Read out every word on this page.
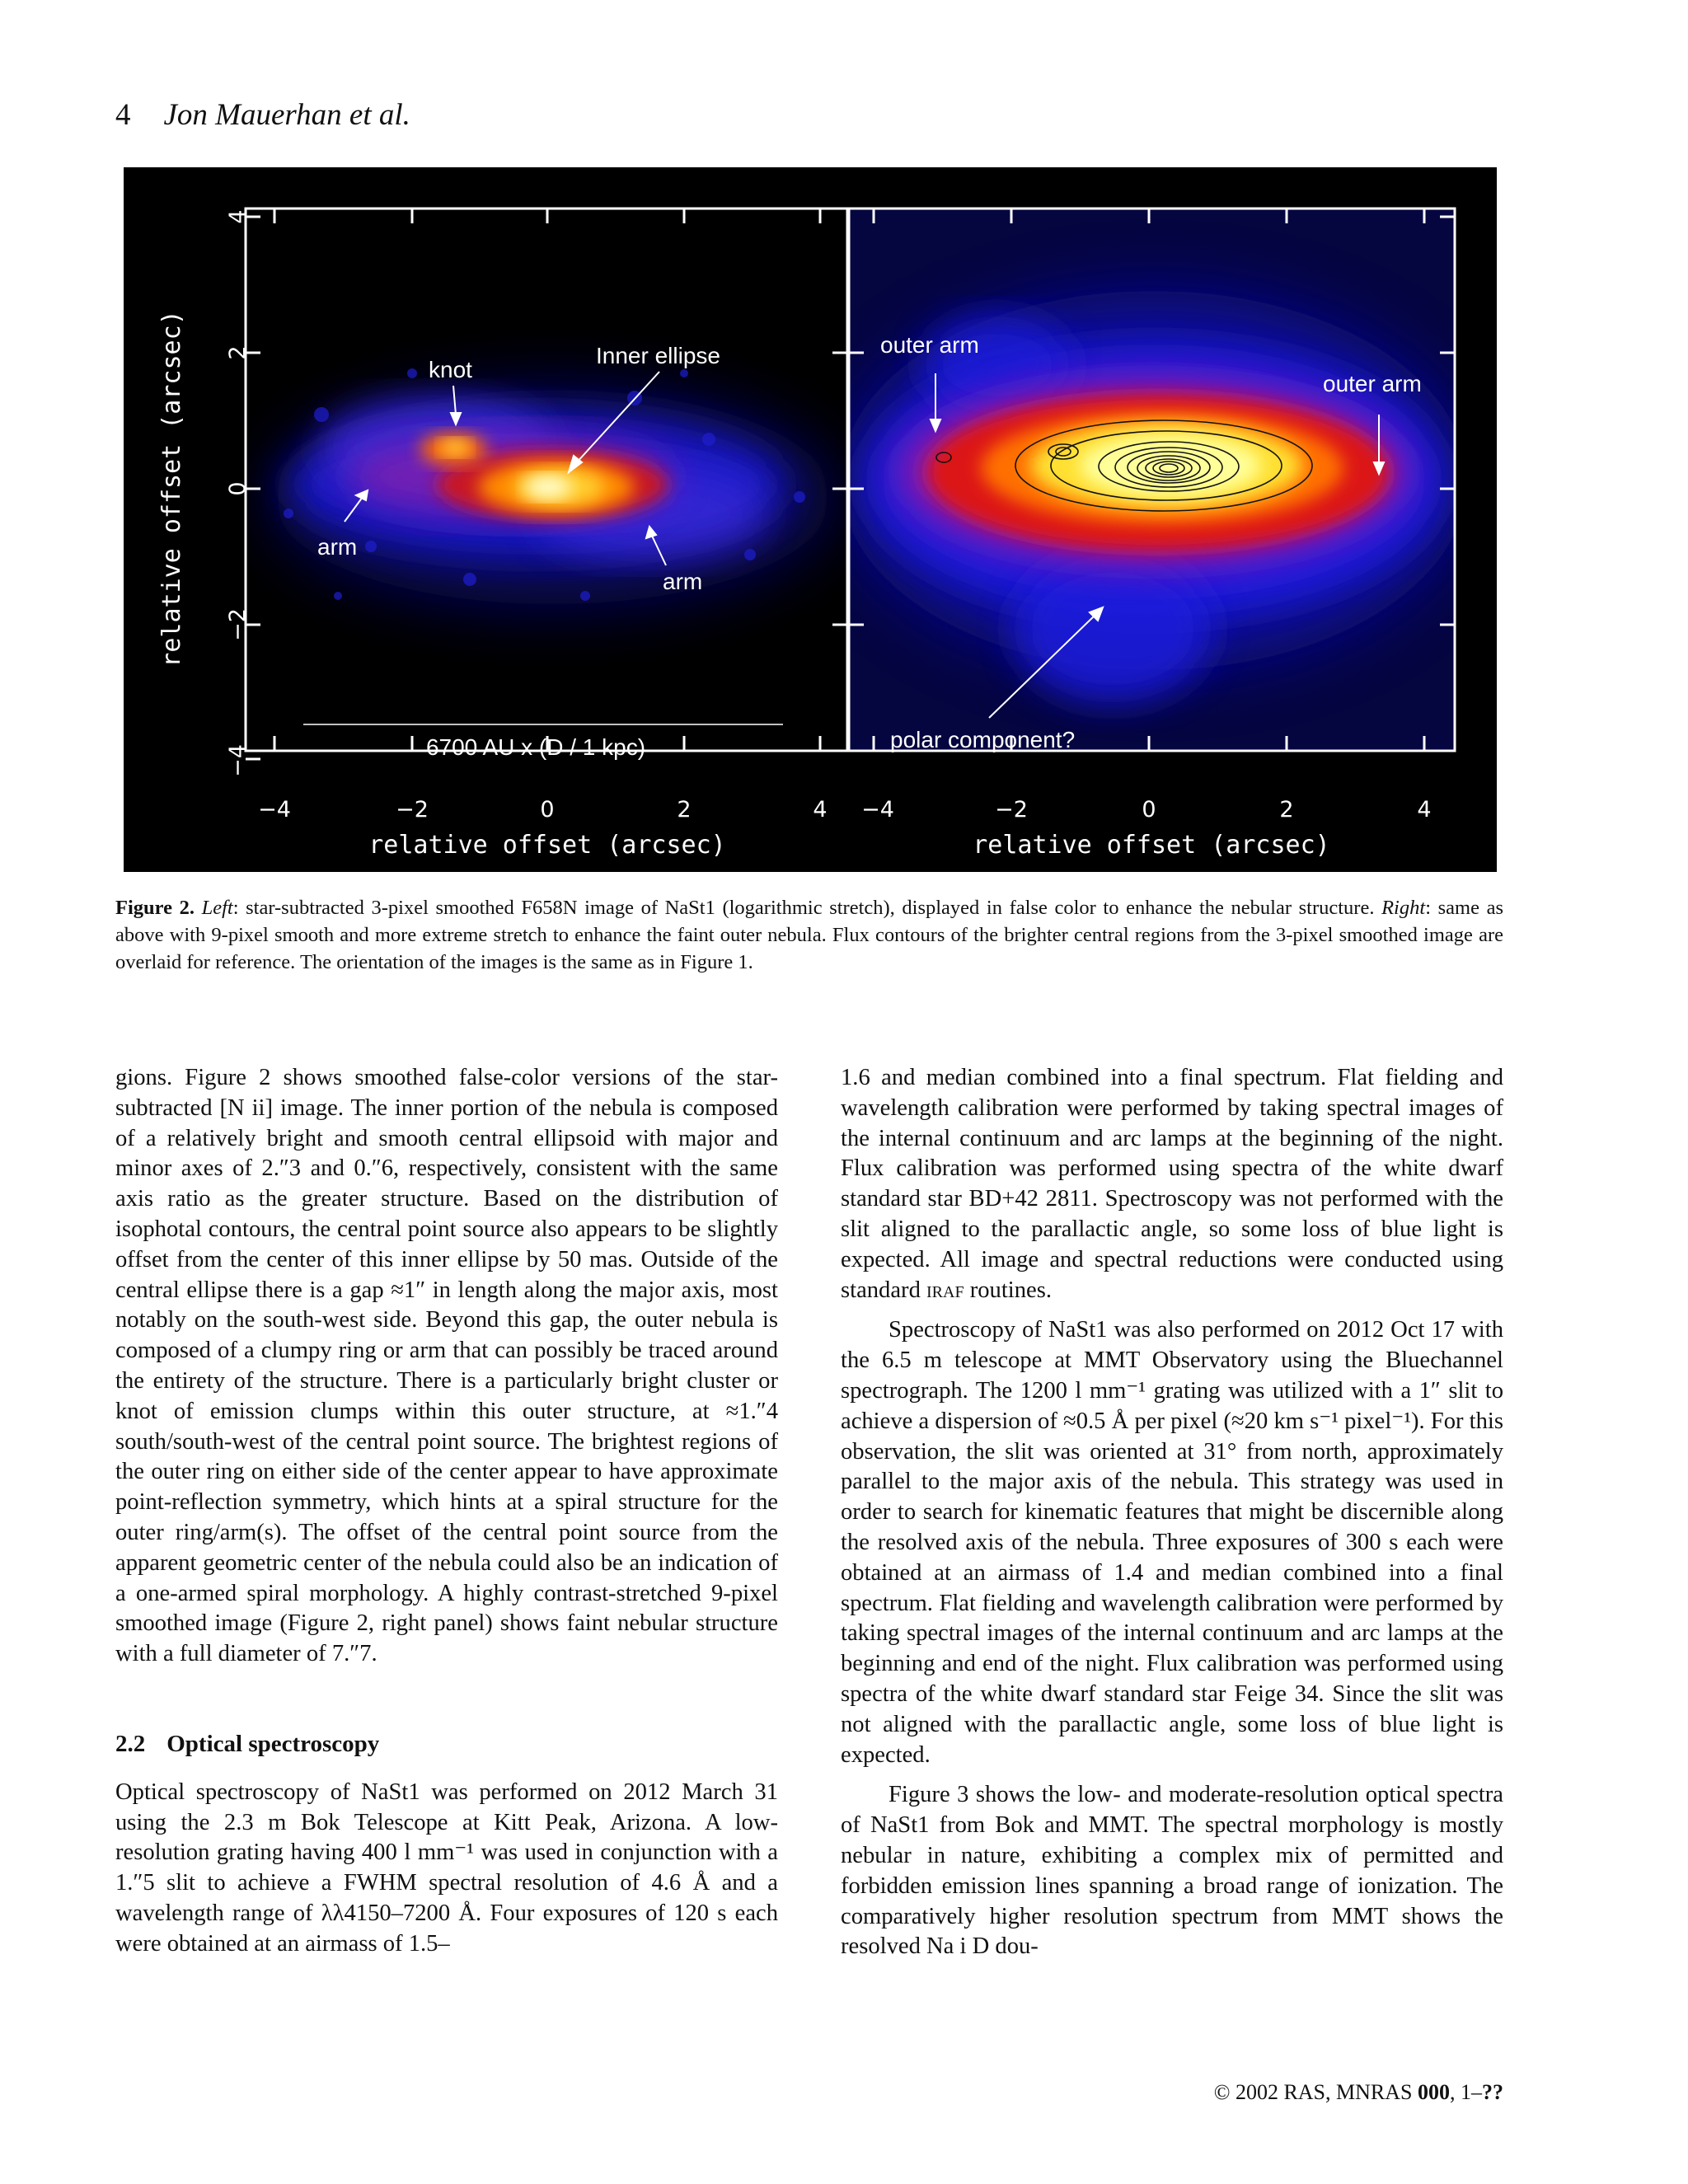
4 Jon Mauerhan et al.
−4	−2	0	2	4 −4	−2	0	2	4
4
2
0
−2
−4
relative offset (arcsec)	relative offset (arcsec)
relative offset (arcsec)	knot
Inner ellipse
arm
arm
6700 AU x (D / 1 kpc)
outer arm
outer arm
polar component?
Figure 2. Left: star-subtracted 3-pixel smoothed F658N image of NaSt1 (logarithmic stretch), displayed in false color to enhance the nebular structure. Right: same as above with 9-pixel smooth and more extreme stretch to enhance the faint outer nebula. Flux contours of the brighter central regions from the 3-pixel smoothed image are overlaid for reference. The orientation of the images is the same as in Figure 1.

gions. Figure 2 shows smoothed false-color versions of the star-subtracted [N ii] image. The inner portion of the nebula is composed of a relatively bright and smooth central ellipsoid with major and minor axes of 2.″3 and 0.″6, respectively, consistent with the same axis ratio as the greater structure. Based on the distribution of isophotal contours, the central point source also appears to be slightly offset from the center of this inner ellipse by 50 mas. Outside of the central ellipse there is a gap ≈1″ in length along the major axis, most notably on the south-west side. Beyond this gap, the outer nebula is composed of a clumpy ring or arm that can possibly be traced around the entirety of the structure. There is a particularly bright cluster or knot of emission clumps within this outer structure, at ≈1.″4 south/south-west of the central point source. The brightest regions of the outer ring on either side of the center appear to have approximate point-reflection symmetry, which hints at a spiral structure for the outer ring/arm(s). The offset of the central point source from the apparent geometric center of the nebula could also be an indication of a one-armed spiral morphology. A highly contrast-stretched 9-pixel smoothed image (Figure 2, right panel) shows faint nebular structure with a full diameter of 7.″7.

2.2 Optical spectroscopy

Optical spectroscopy of NaSt1 was performed on 2012 March 31 using the 2.3 m Bok Telescope at Kitt Peak, Arizona. A low-resolution grating having 400 l mm⁻¹ was used in conjunction with a 1.″5 slit to achieve a FWHM spectral resolution of 4.6 Å and a wavelength range of λλ4150–7200 Å. Four exposures of 120 s each were obtained at an airmass of 1.5–

1.6 and median combined into a final spectrum. Flat fielding and wavelength calibration were performed by taking spectral images of the internal continuum and arc lamps at the beginning of the night. Flux calibration was performed using spectra of the white dwarf standard star BD+42 2811. Spectroscopy was not performed with the slit aligned to the parallactic angle, so some loss of blue light is expected. All image and spectral reductions were conducted using standard iraf routines.

Spectroscopy of NaSt1 was also performed on 2012 Oct 17 with the 6.5 m telescope at MMT Observatory using the Bluechannel spectrograph. The 1200 l mm⁻¹ grating was utilized with a 1″ slit to achieve a dispersion of ≈0.5 Å per pixel (≈20 km s⁻¹ pixel⁻¹). For this observation, the slit was oriented at 31° from north, approximately parallel to the major axis of the nebula. This strategy was used in order to search for kinematic features that might be discernible along the resolved axis of the nebula. Three exposures of 300 s each were obtained at an airmass of 1.4 and median combined into a final spectrum. Flat fielding and wavelength calibration were performed by taking spectral images of the internal continuum and arc lamps at the beginning and end of the night. Flux calibration was performed using spectra of the white dwarf standard star Feige 34. Since the slit was not aligned with the parallactic angle, some loss of blue light is expected.

Figure 3 shows the low- and moderate-resolution optical spectra of NaSt1 from Bok and MMT. The spectral morphology is mostly nebular in nature, exhibiting a complex mix of permitted and forbidden emission lines spanning a broad range of ionization. The comparatively higher resolution spectrum from MMT shows the resolved Na i D dou-

© 2002 RAS, MNRAS 000, 1–??
